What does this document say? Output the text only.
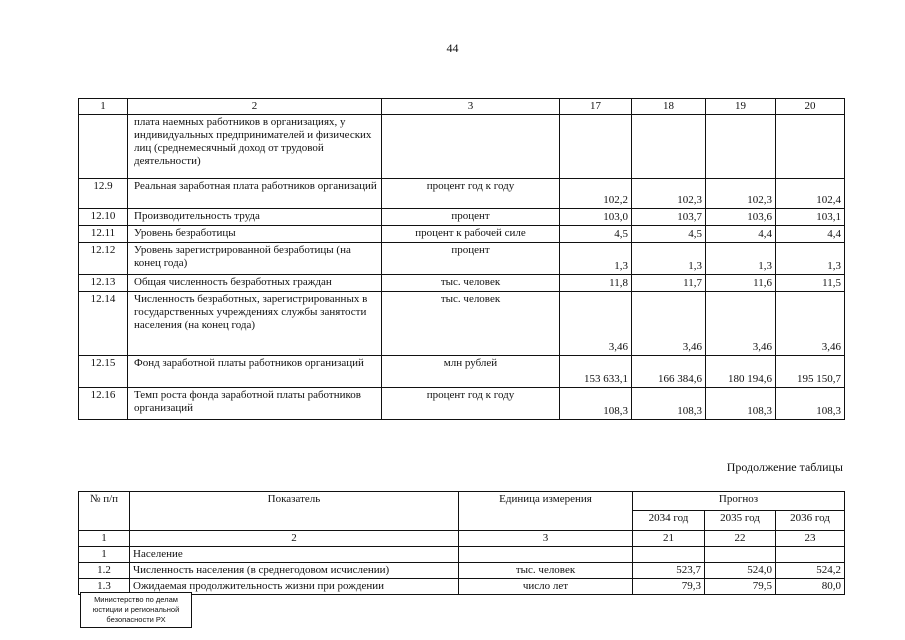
44
1	2	3	17	18	19	20
	плата наемных работников в организациях, у индивидуальных предпринимателей и физических лиц (среднемесячный доход от трудовой деятельности)					
12.9	Реальная заработная плата работников организаций	процент год к году	102,2	102,3	102,3	102,4
12.10	Производительность труда	процент	103,0	103,7	103,6	103,1
12.11	Уровень безработицы	процент к рабочей силе	4,5	4,5	4,4	4,4
12.12	Уровень зарегистрированной безработицы (на конец года)	процент	1,3	1,3	1,3	1,3
12.13	Общая численность безработных граждан	тыс. человек	11,8	11,7	11,6	11,5
12.14	Численность безработных, зарегистрированных в государственных учреждениях службы занятости населения (на конец года)	тыс. человек	3,46	3,46	3,46	3,46
12.15	Фонд заработной платы работников организаций	млн рублей	153 633,1	166 384,6	180 194,6	195 150,7
12.16	Темп роста фонда заработной платы работников организаций	процент год к году	108,3	108,3	108,3	108,3
Продолжение таблицы
№ п/п	Показатель	Единица измерения	Прогноз		
			2034 год	2035 год	2036 год
1	2	3	21	22	23
1	Население				
1.2	Численность населения (в среднегодовом исчислении)	тыс. человек	523,7	524,0	524,2
1.3	Ожидаемая продолжительность жизни при рождении	число лет	79,3	79,5	80,0
Министерство по делам
юстиции и региональной
безопасности РХ
